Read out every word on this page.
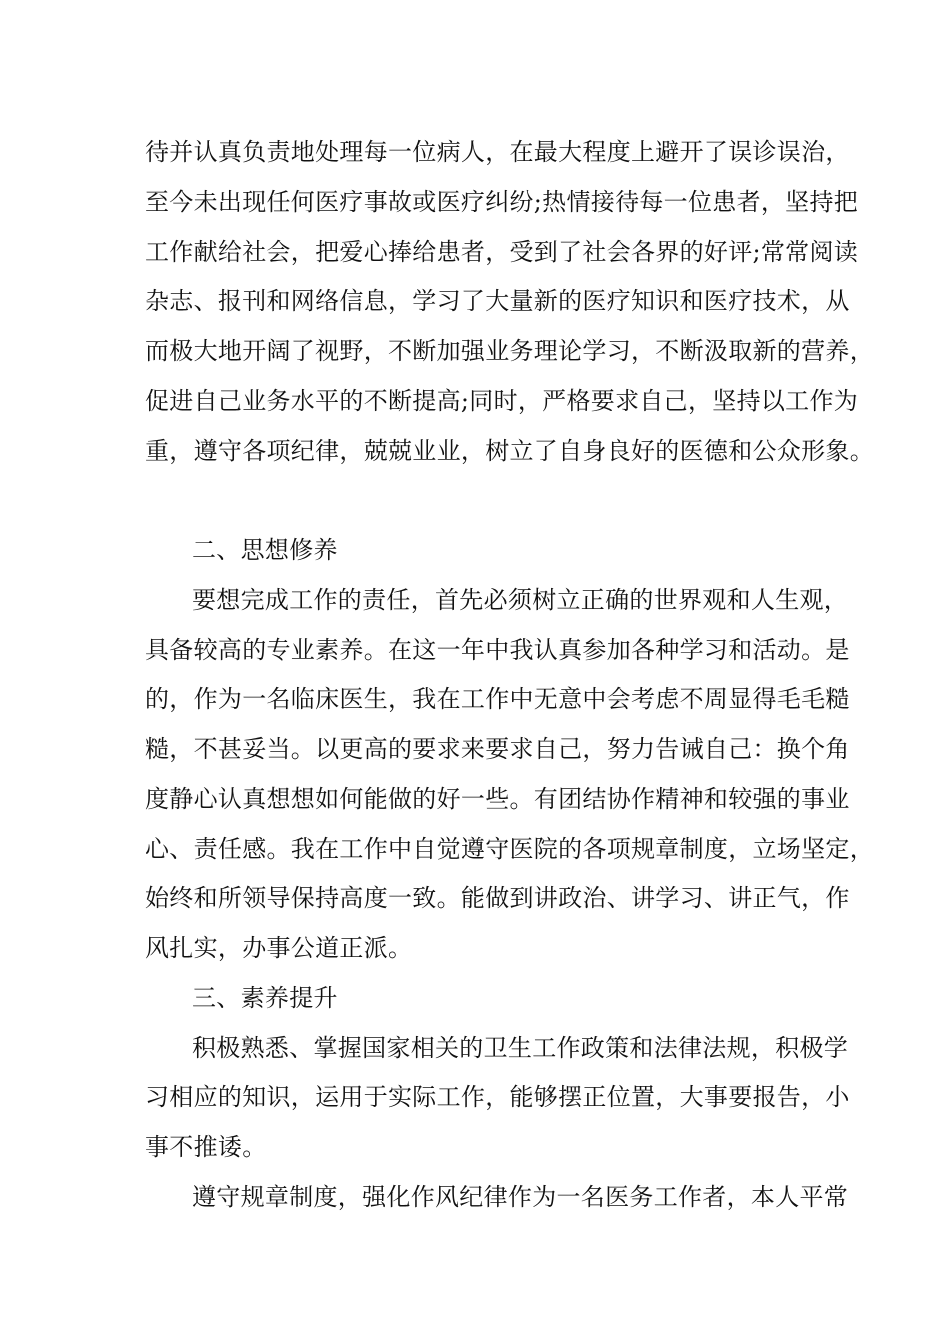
待并认真负责地处理每一位病人，在最大程度上避开了误诊误治，
至今未出现任何医疗事故或医疗纠纷;热情接待每一位患者，坚持把
工作献给社会，把爱心捧给患者，受到了社会各界的好评;常常阅读
杂志、报刊和网络信息，学习了大量新的医疗知识和医疗技术，从
而极大地开阔了视野，不断加强业务理论学习，不断汲取新的营养，
促进自己业务水平的不断提高;同时，严格要求自己，坚持以工作为
重，遵守各项纪律，兢兢业业，树立了自身良好的医德和公众形象。
二、思想修养
要想完成工作的责任，首先必须树立正确的世界观和人生观，
具备较高的专业素养。在这一年中我认真参加各种学习和活动。是
的，作为一名临床医生，我在工作中无意中会考虑不周显得毛毛糙
糙，不甚妥当。以更高的要求来要求自己，努力告诫自己：换个角
度静心认真想想如何能做的好一些。有团结协作精神和较强的事业
心、责任感。我在工作中自觉遵守医院的各项规章制度，立场坚定，
始终和所领导保持高度一致。能做到讲政治、讲学习、讲正气，作
风扎实，办事公道正派。
三、素养提升
积极熟悉、掌握国家相关的卫生工作政策和法律法规，积极学
习相应的知识，运用于实际工作，能够摆正位置，大事要报告，小
事不推诿。
遵守规章制度，强化作风纪律作为一名医务工作者，本人平常
